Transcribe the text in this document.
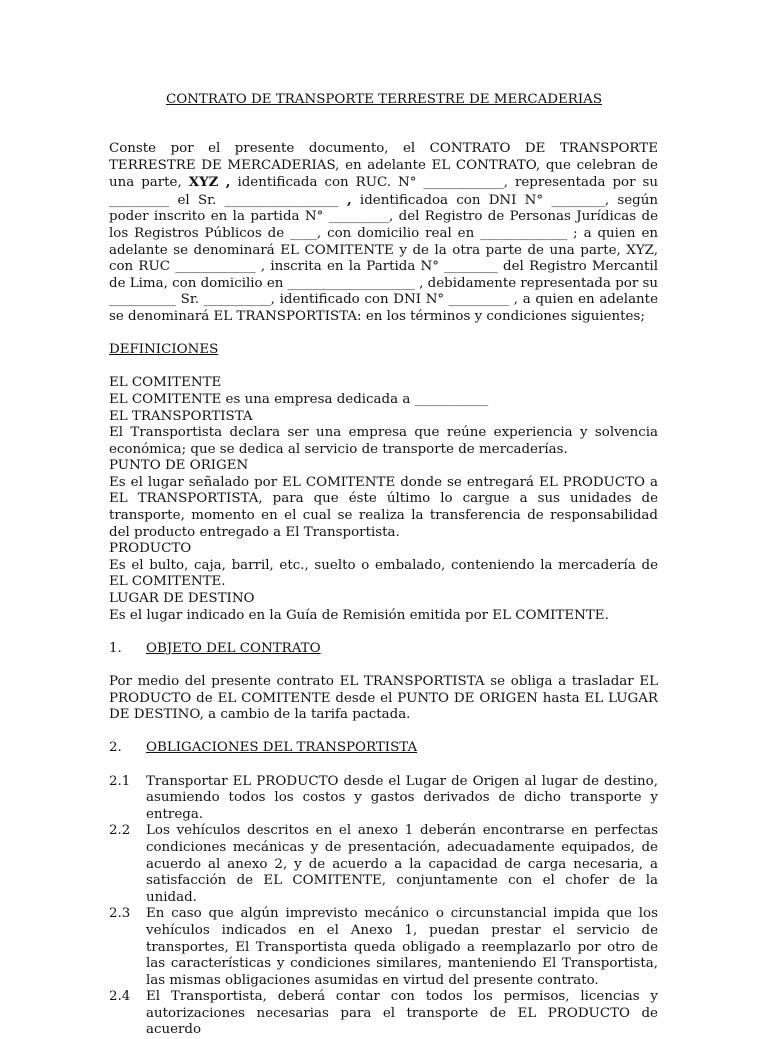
CONTRATO DE TRANSPORTE TERRESTRE DE MERCADERIAS

Conste por el presente documento, el CONTRATO DE TRANSPORTE TERRESTRE DE MERCADERIAS, en adelante EL CONTRATO, que celebran de una parte, XYZ , identificada con RUC. N° ____________, representada por su _________ el Sr. _________________ , identificadoa con DNI N° ________, según poder inscrito en la partida N° _________, del Registro de Personas Jurídicas de los Registros Públicos de ____, con domicilio real en _____________ ; a quien en adelante se denominará EL COMITENTE y de la otra parte de una parte, XYZ, con RUC ____________ , inscrita en la Partida N° ________ del Registro Mercantil de Lima, con domicilio en ___________________ , debidamente representada por su __________ Sr. __________, identificado con DNI N° _________ , a quien en adelante se denominará EL TRANSPORTISTA: en los términos y condiciones siguientes;

DEFINICIONES

EL COMITENTE

EL COMITENTE es una empresa dedicada a ___________

EL TRANSPORTISTA

El Transportista declara ser una empresa que reúne experiencia y solvencia económica; que se dedica al servicio de transporte de mercaderías.

PUNTO DE ORIGEN

Es el lugar señalado por EL COMITENTE donde se entregará EL PRODUCTO a EL TRANSPORTISTA, para que éste último lo cargue a sus unidades de transporte, momento en el cual se realiza la transferencia de responsabilidad del producto entregado a El Transportista.

PRODUCTO

Es el bulto, caja, barril, etc., suelto o embalado, conteniendo la mercadería de EL COMITENTE.

LUGAR DE DESTINO

Es el lugar indicado en la Guía de Remisión emitida por EL COMITENTE.

1.	OBJETO DEL CONTRATO

Por medio del presente contrato EL TRANSPORTISTA se obliga a trasladar EL PRODUCTO de EL COMITENTE desde el PUNTO DE ORIGEN hasta EL LUGAR DE DESTINO, a cambio de la tarifa pactada.

2.	OBLIGACIONES DEL TRANSPORTISTA
2.1	Transportar EL PRODUCTO desde el Lugar de Origen al lugar de destino, asumiendo todos los costos y gastos derivados de dicho transporte y entrega.
2.2	Los vehículos descritos en el anexo 1 deberán encontrarse en perfectas condiciones mecánicas y de presentación, adecuadamente equipados, de acuerdo al anexo 2, y de acuerdo a la capacidad de carga necesaria, a satisfacción de EL COMITENTE, conjuntamente con el chofer de la unidad.
2.3	En caso que algún imprevisto mecánico o circunstancial impida que los vehículos indicados en el Anexo 1, puedan prestar el servicio de transportes, El Transportista queda obligado a reemplazarlo por otro de las características y condiciones similares, manteniendo El Transportista, las mismas obligaciones asumidas en virtud del presente contrato.
2.4	El Transportista, deberá contar con todos los permisos, licencias y autorizaciones necesarias para el transporte de EL PRODUCTO de acuerdo
